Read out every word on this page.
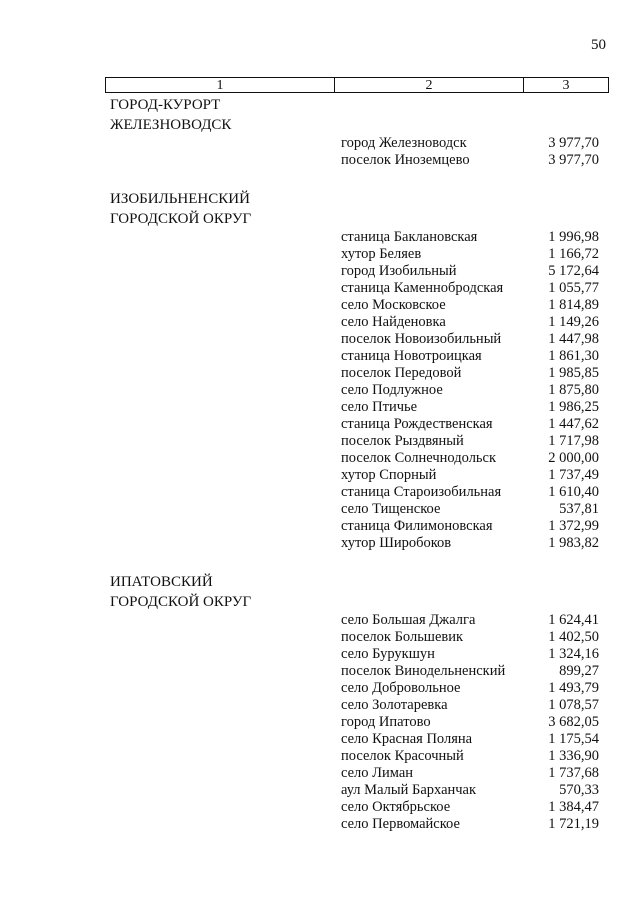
50
1	2	3
ГОРОД-КУРОРТ
ЖЕЛЕЗНОВОДСК
город Железноводск	3 977,70
поселок Иноземцево	3 977,70
ИЗОБИЛЬНЕНСКИЙ
ГОРОДСКОЙ ОКРУГ
станица Баклановская	1 996,98
хутор Беляев	1 166,72
город Изобильный	5 172,64
станица Каменнобродская	1 055,77
село Московское	1 814,89
село Найденовка	1 149,26
поселок Новоизобильный	1 447,98
станица Новотроицкая	1 861,30
поселок Передовой	1 985,85
село Подлужное	1 875,80
село Птичье	1 986,25
станица Рождественская	1 447,62
поселок Рыздвяный	1 717,98
поселок Солнечнодольск	2 000,00
хутор Спорный	1 737,49
станица Староизобильная	1 610,40
село Тищенское	537,81
станица Филимоновская	1 372,99
хутор Широбоков	1 983,82
ИПАТОВСКИЙ
ГОРОДСКОЙ ОКРУГ
село Большая Джалга	1 624,41
поселок Большевик	1 402,50
село Бурукшун	1 324,16
поселок Винодельненский	899,27
село Добровольное	1 493,79
село Золотаревка	1 078,57
город Ипатово	3 682,05
село Красная Поляна	1 175,54
поселок Красочный	1 336,90
село Лиман	1 737,68
аул Малый Барханчак	570,33
село Октябрьское	1 384,47
село Первомайское	1 721,19
